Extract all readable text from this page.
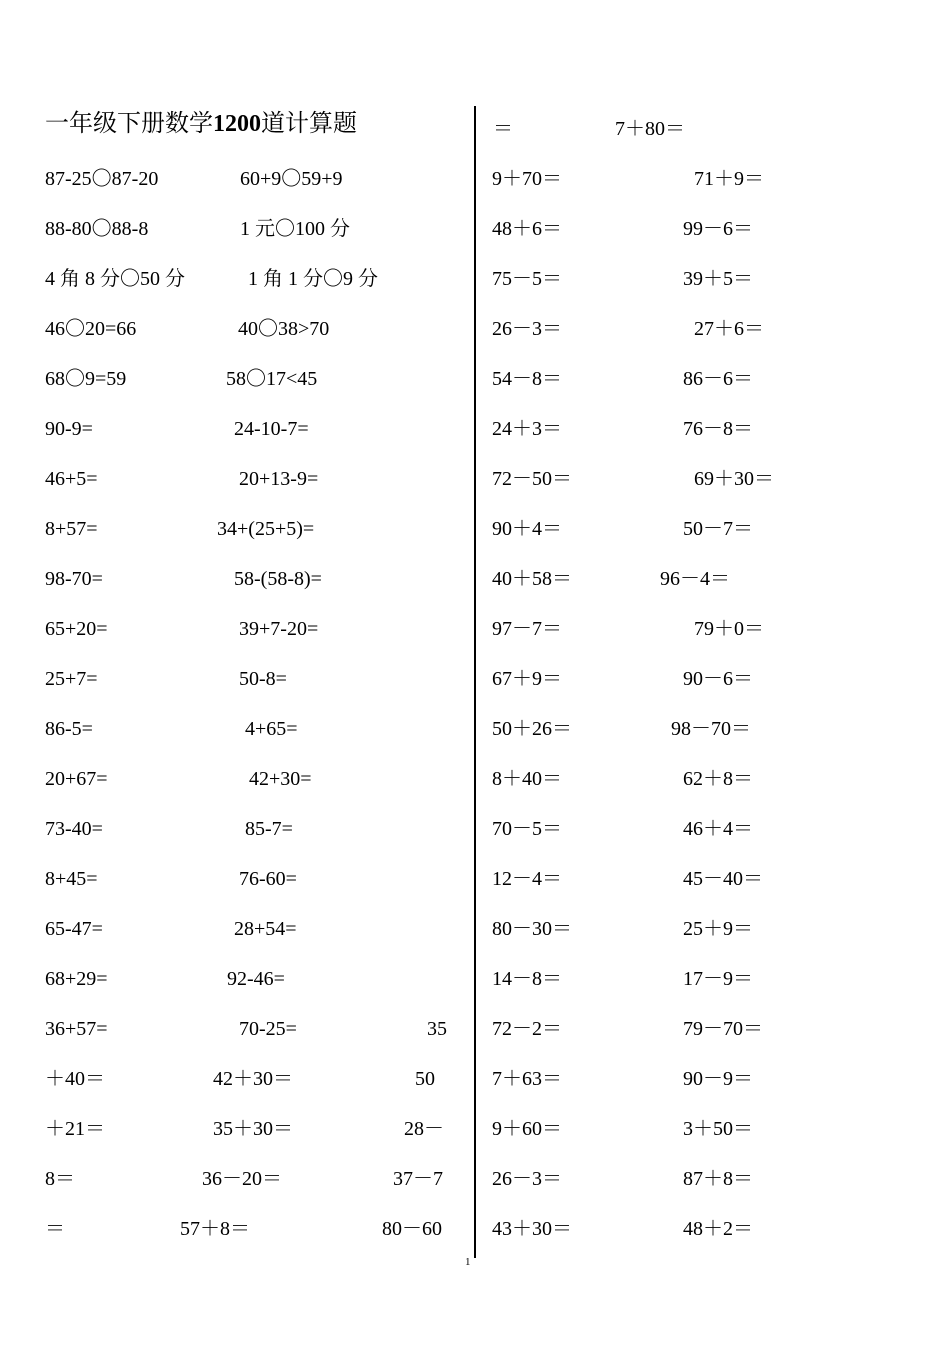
一年级下册数学1200道计算题
87-25〇87-20	60+9〇59+9
88-80〇88-8	1 元〇100 分
4 角 8 分〇50 分	1 角 1 分〇9 分
46〇20=66	40〇38>70
68〇9=59	58〇17<45
90-9=	24-10-7=
46+5=	20+13-9=
8+57=	34+(25+5)=
98-70=	58-(58-8)=
65+20=	39+7-20=
25+7=	50-8=
86-5=	4+65=
20+67=	42+30=
73-40=	85-7=
8+45=	76-60=
65-47=	28+54=
68+29=	92-46=
36+57=	70-25=	35
＋40＝	42＋30＝	50
＋21＝	35＋30＝	28－
8＝	36－20＝	37－7
＝	57＋8＝	80－60
9＋70＝	71＋9＝
48＋6＝	99－6＝
75－5＝	39＋5＝
26－3＝	27＋6＝
54－8＝	86－6＝
24＋3＝	76－8＝
72－50＝	69＋30＝
90＋4＝	50－7＝
40＋58＝	96－4＝
97－7＝	79＋0＝
67＋9＝	90－6＝
50＋26＝	98－70＝
8＋40＝	62＋8＝
70－5＝	46＋4＝
12－4＝	45－40＝
80－30＝	25＋9＝
14－8＝	17－9＝
72－2＝	79－70＝
7＋63＝	90－9＝
9＋60＝	3＋50＝
26－3＝	87＋8＝
43＋30＝	48＋2＝
＝	7＋80＝
1
